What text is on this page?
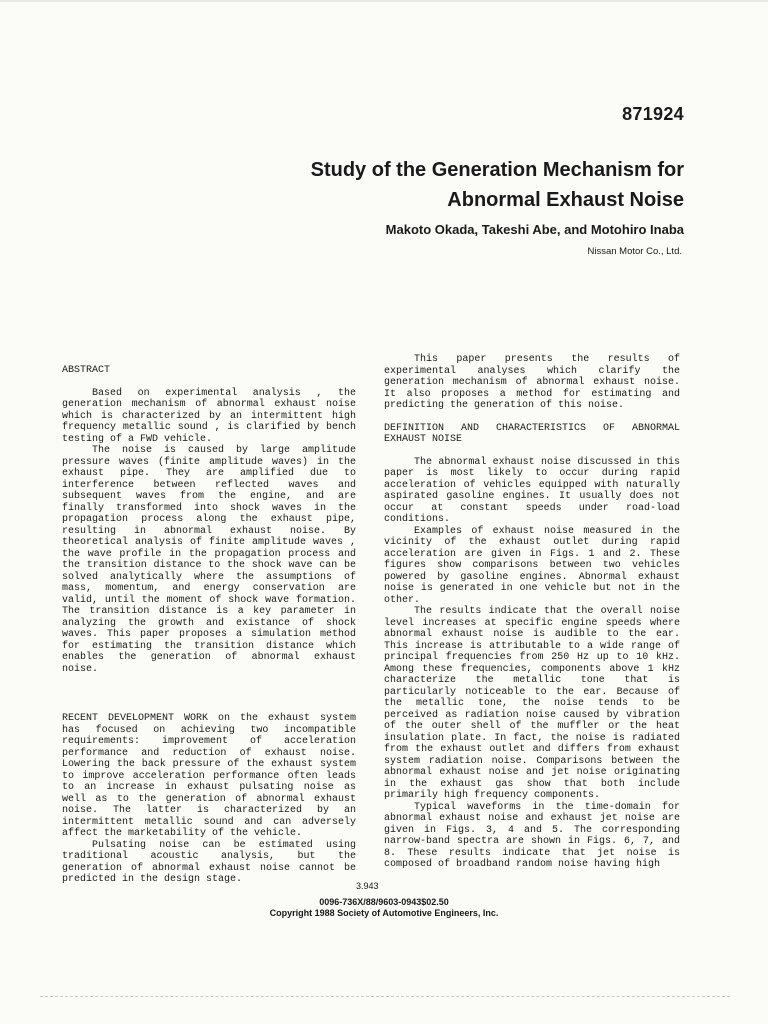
871924
Study of the Generation Mechanism for
Abnormal Exhaust Noise
Makoto Okada, Takeshi Abe, and Motohiro Inaba
Nissan Motor Co., Ltd.

ABSTRACT

Based on experimental analysis , the generation mechanism of abnormal exhaust noise which is characterized by an intermittent high frequency metallic sound , is clarified by bench testing of a FWD vehicle.

The noise is caused by large amplitude pressure waves (finite amplitude waves) in the exhaust pipe. They are amplified due to interference between reflected waves and subsequent waves from the engine, and are finally transformed into shock waves in the propagation process along the exhaust pipe, resulting in abnormal exhaust noise. By theoretical analysis of finite amplitude waves , the wave profile in the propagation process and the transition distance to the shock wave can be solved analytically where the assumptions of mass, momentum, and energy conservation are valid, until the moment of shock wave formation. The transition distance is a key parameter in analyzing the growth and existance of shock waves. This paper proposes a simulation method for estimating the transition distance which enables the generation of abnormal exhaust noise.

RECENT DEVELOPMENT WORK on the exhaust system has focused on achieving two incompatible requirements: improvement of acceleration performance and reduction of exhaust noise. Lowering the back pressure of the exhaust system to improve acceleration performance often leads to an increase in exhaust pulsating noise as well as to the generation of abnormal exhaust noise. The latter is characterized by an intermittent metallic sound and can adversely affect the marketability of the vehicle.

Pulsating noise can be estimated using traditional acoustic analysis, but the generation of abnormal exhaust noise cannot be predicted in the design stage.

This paper presents the results of experimental analyses which clarify the generation mechanism of abnormal exhaust noise. It also proposes a method for estimating and predicting the generation of this noise.

DEFINITION AND CHARACTERISTICS OF ABNORMAL EXHAUST NOISE

The abnormal exhaust noise discussed in this paper is most likely to occur during rapid acceleration of vehicles equipped with naturally aspirated gasoline engines. It usually does not occur at constant speeds under road-load conditions.

Examples of exhaust noise measured in the vicinity of the exhaust outlet during rapid acceleration are given in Figs. 1 and 2. These figures show comparisons between two vehicles powered by gasoline engines. Abnormal exhaust noise is generated in one vehicle but not in the other.

The results indicate that the overall noise level increases at specific engine speeds where abnormal exhaust noise is audible to the ear. This increase is attributable to a wide range of principal frequencies from 250 Hz up to 10 kHz. Among these frequencies, components above 1 kHz characterize the metallic tone that is particularly noticeable to the ear. Because of the metallic tone, the noise tends to be perceived as radiation noise caused by vibration of the outer shell of the muffler or the heat insulation plate. In fact, the noise is radiated from the exhaust outlet and differs from exhaust system radiation noise. Comparisons between the abnormal exhaust noise and jet noise originating in the exhaust gas show that both include primarily high frequency components.

Typical waveforms in the time-domain for abnormal exhaust noise and exhaust jet noise are given in Figs. 3, 4 and 5. The corresponding narrow-band spectra are shown in Figs. 6, 7, and 8. These results indicate that jet noise is composed of broadband random noise having high

3.943
0096-736X/88/9603-0943$02.50
Copyright 1988 Society of Automotive Engineers, Inc.
